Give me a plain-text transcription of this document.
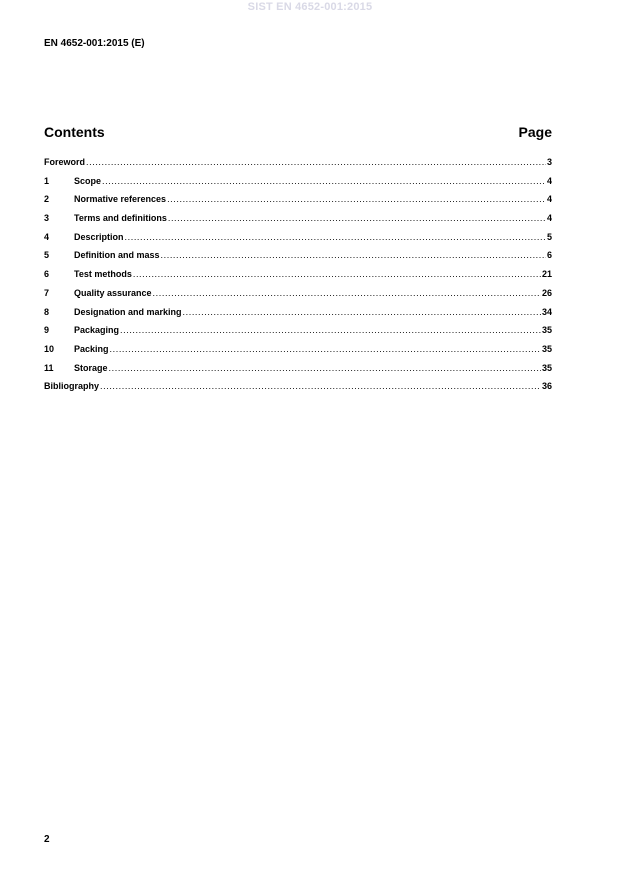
SIST EN 4652-001:2015
EN 4652-001:2015 (E)
Contents	Page
Foreword .....	3
1	Scope .....	4
2	Normative references .....	4
3	Terms and definitions .....	4
4	Description .....	5
5	Definition and mass .....	6
6	Test methods .....	21
7	Quality assurance .....	26
8	Designation and marking .....	34
9	Packaging .....	35
10	Packing .....	35
11	Storage .....	35
Bibliography .....	36
2
